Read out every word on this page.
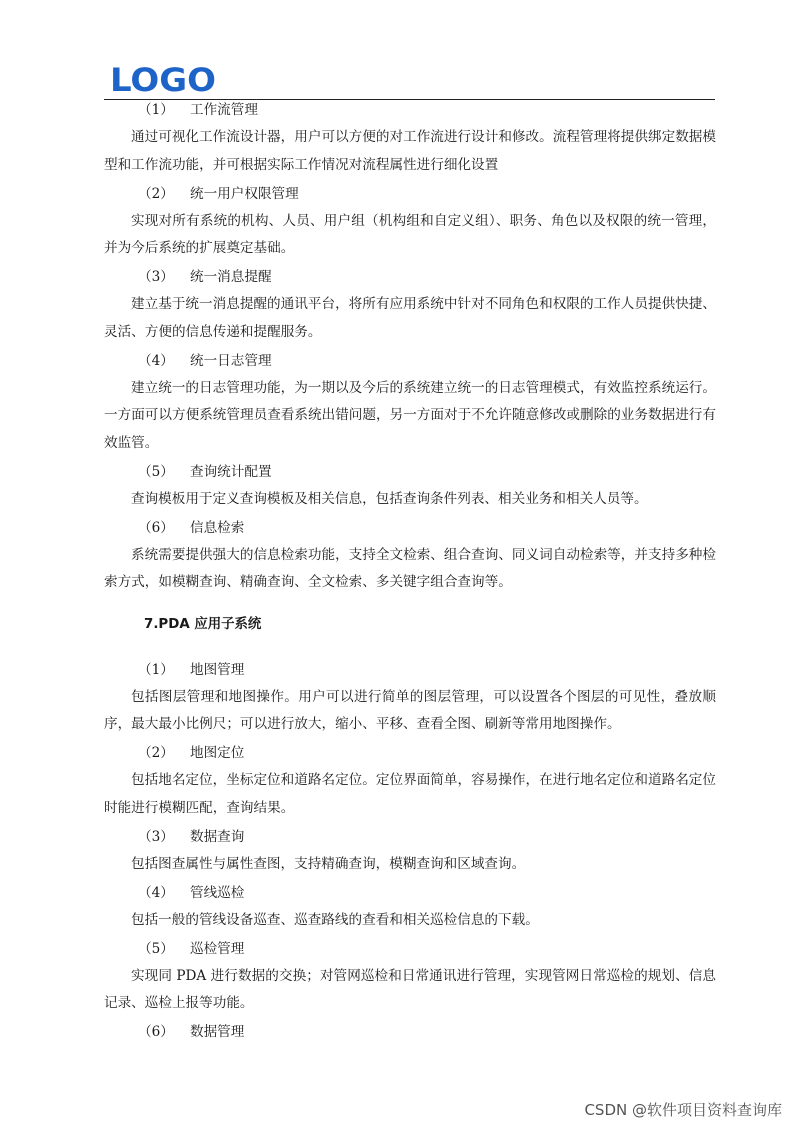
LOGO
（1）	工作流管理

通过可视化工作流设计器，用户可以方便的对工作流进行设计和修改。流程管理将提供绑定数据模型和工作流功能，并可根据实际工作情况对流程属性进行细化设置

（2）	统一用户权限管理

实现对所有系统的机构、人员、用户组（机构组和自定义组）、职务、角色以及权限的统一管理，并为今后系统的扩展奠定基础。

（3）	统一消息提醒

建立基于统一消息提醒的通讯平台，将所有应用系统中针对不同角色和权限的工作人员提供快捷、灵活、方便的信息传递和提醒服务。

（4）	统一日志管理

建立统一的日志管理功能，为一期以及今后的系统建立统一的日志管理模式，有效监控系统运行。一方面可以方便系统管理员查看系统出错问题，另一方面对于不允许随意修改或删除的业务数据进行有效监管。

（5）	查询统计配置

查询模板用于定义查询模板及相关信息，包括查询条件列表、相关业务和相关人员等。

（6）	信息检索

系统需要提供强大的信息检索功能，支持全文检索、组合查询、同义词自动检索等，并支持多种检索方式，如模糊查询、精确查询、全文检索、多关键字组合查询等。

7.PDA 应用子系统
（1）	地图管理

包括图层管理和地图操作。用户可以进行简单的图层管理，可以设置各个图层的可见性，叠放顺序，最大最小比例尺；可以进行放大，缩小、平移、查看全图、刷新等常用地图操作。

（2）	地图定位

包括地名定位，坐标定位和道路名定位。定位界面简单，容易操作，在进行地名定位和道路名定位时能进行模糊匹配，查询结果。

（3）	数据查询

包括图查属性与属性查图，支持精确查询，模糊查询和区域查询。

（4）	管线巡检

包括一般的管线设备巡查、巡查路线的查看和相关巡检信息的下载。

（5）	巡检管理

实现同 PDA 进行数据的交换；对管网巡检和日常通讯进行管理，实现管网日常巡检的规划、信息记录、巡检上报等功能。

（6）	数据管理
CSDN @软件项目资料查询库
